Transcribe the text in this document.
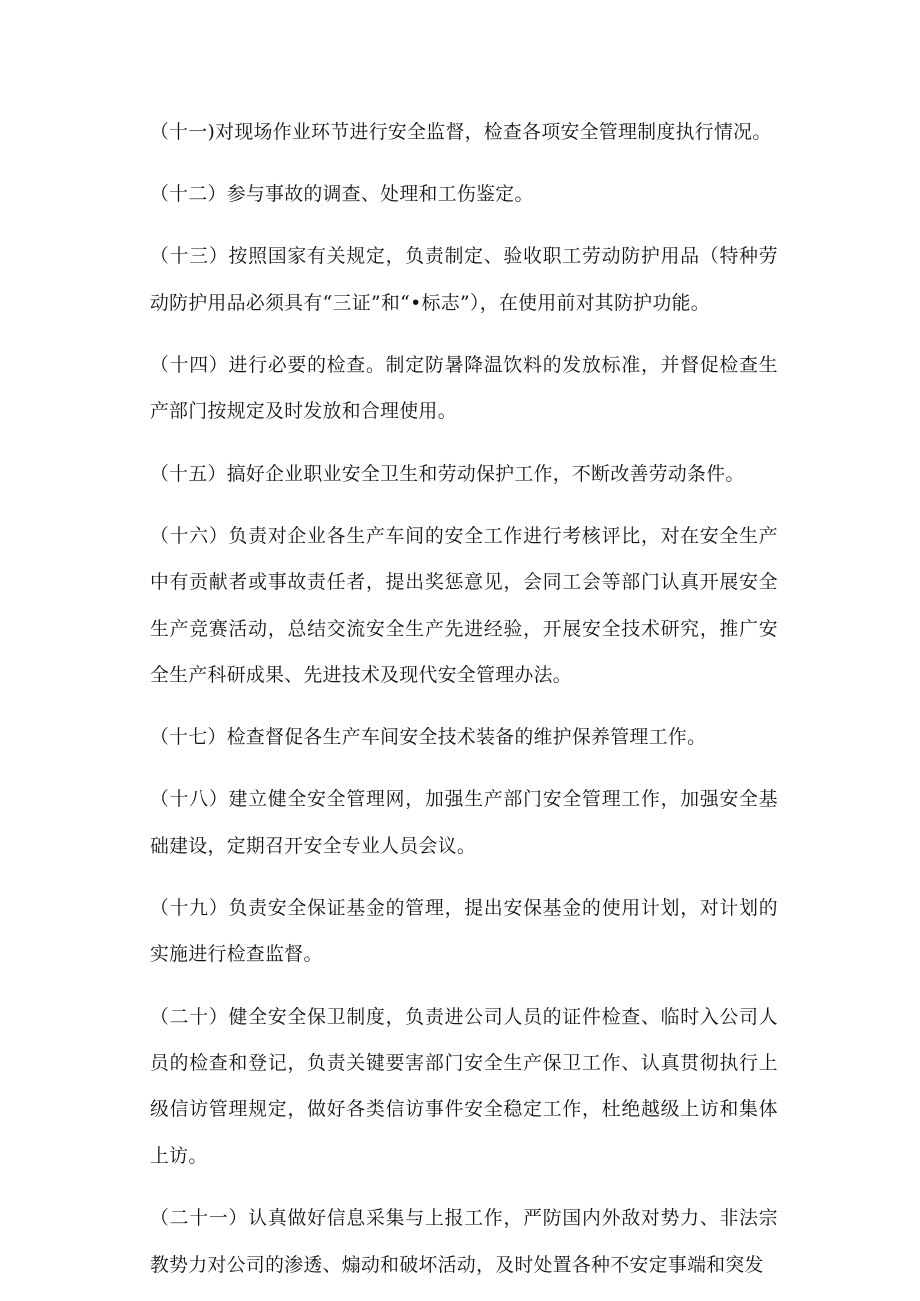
（十一)对现场作业环节进行安全监督，检查各项安全管理制度执行情况。

（十二）参与事故的调查、处理和工伤鉴定。

（十三）按照国家有关规定，负责制定、验收职工劳动防护用品（特种劳动防护用品必须具有“三证”和“•标志”），在使用前对其防护功能。

（十四）进行必要的检查。制定防暑降温饮料的发放标准，并督促检查生产部门按规定及时发放和合理使用。

（十五）搞好企业职业安全卫生和劳动保护工作，不断改善劳动条件。

（十六）负责对企业各生产车间的安全工作进行考核评比，对在安全生产中有贡献者或事故责任者，提出奖惩意见，会同工会等部门认真开展安全生产竞赛活动，总结交流安全生产先进经验，开展安全技术研究，推广安全生产科研成果、先进技术及现代安全管理办法。

（十七）检查督促各生产车间安全技术装备的维护保养管理工作。

（十八）建立健全安全管理网，加强生产部门安全管理工作，加强安全基础建设，定期召开安全专业人员会议。

（十九）负责安全保证基金的管理，提出安保基金的使用计划，对计划的实施进行检查监督。

（二十）健全安全保卫制度，负责进公司人员的证件检查、临时入公司人员的检查和登记，负责关键要害部门安全生产保卫工作、认真贯彻执行上级信访管理规定，做好各类信访事件安全稳定工作，杜绝越级上访和集体上访。

（二十一）认真做好信息采集与上报工作，严防国内外敌对势力、非法宗教势力对公司的渗透、煽动和破坏活动，及时处置各种不安定事端和突发
